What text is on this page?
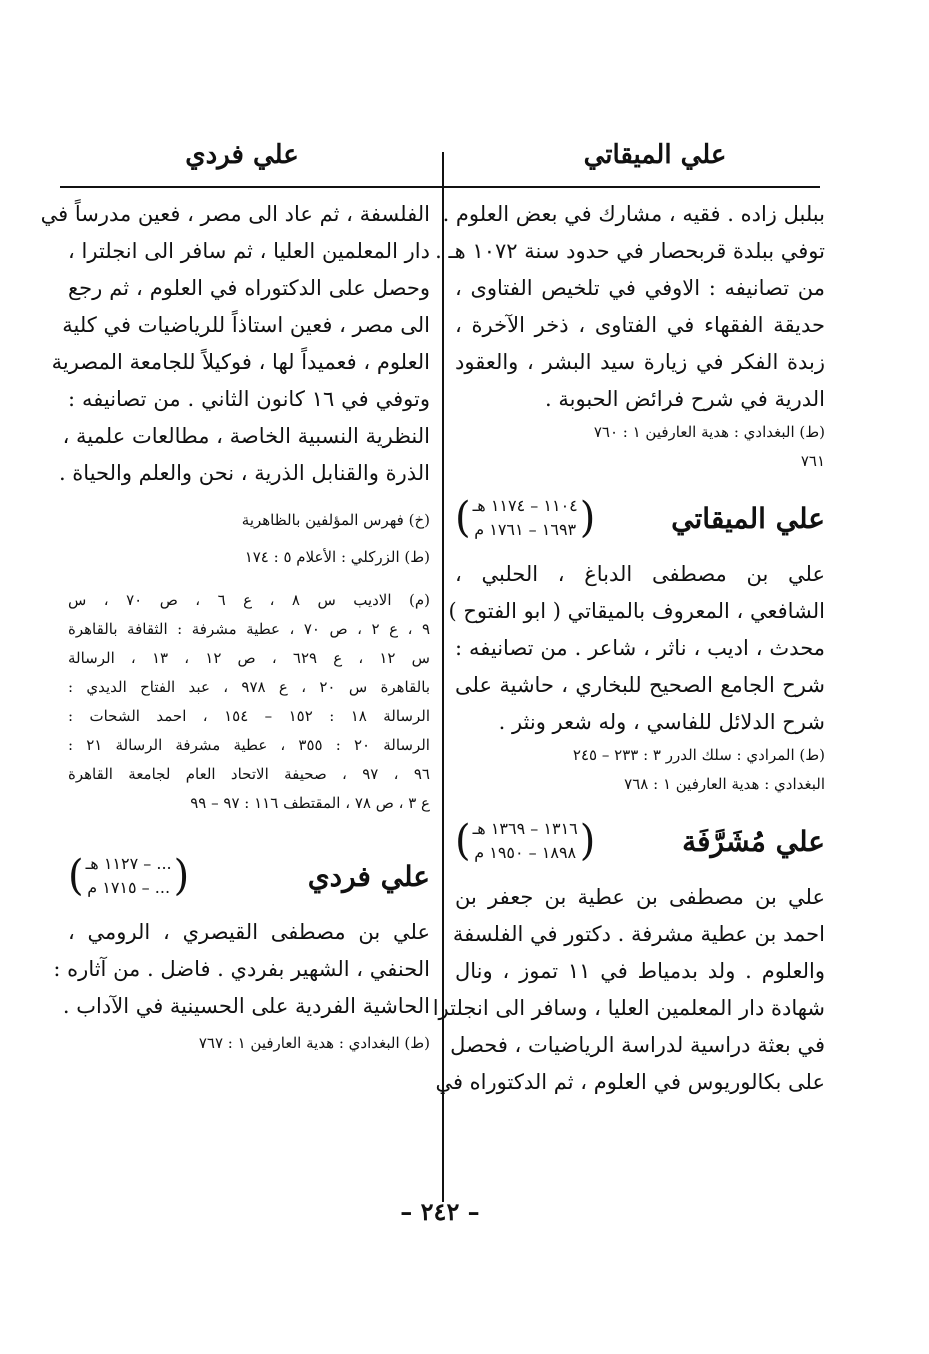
علي الميقاتي
علي فردي
ببلبل زاده . فقيه ، مشارك في بعض العلوم .
توفي ببلدة قربحصار في حدود سنة ١٠٧٢ هـ .
من تصانيفه : الاوفي في تلخيص الفتاوى ،
حديقة الفقهاء في الفتاوى ، ذخر الآخرة ،
زبدة الفكر في زيارة سيد البشر ، والعقود
الدرية في شرح فرائض الحبوبة .
(ط) البغدادي : هدية العارفين ١ : ٧٦٠
٧٦١
علي الميقاتي
(
١١٠٤ – ١١٧٤ هـ
١٦٩٣ – ١٧٦١ م
)
علي بن مصطفى الدباغ ، الحلبي ،
الشافعي ، المعروف بالميقاتي ( ابو الفتوح )
محدث ، اديب ، ناثر ، شاعر . من تصانيفه :
شرح الجامع الصحيح للبخاري ، حاشية على
شرح الدلائل للفاسي ، وله شعر ونثر .
(ط) المرادي : سلك الدرر ٣ : ٢٣٣ – ٢٤٥
البغدادي : هدية العارفين ١ : ٧٦٨
علي مُشَرَّفَة
(
١٣١٦ – ١٣٦٩ هـ
١٨٩٨ – ١٩٥٠ م
)
علي بن مصطفى بن عطية بن جعفر بن
احمد بن عطية مشرفة . دكتور في الفلسفة
والعلوم . ولد بدمياط في ١١ تموز ، ونال
شهادة دار المعلمين العليا ، وسافر الى انجلترا
في بعثة دراسية لدراسة الرياضيات ، فحصل
على بكالوريوس في العلوم ، ثم الدكتوراه في
الفلسفة ، ثم عاد الى مصر ، فعين مدرساً في
دار المعلمين العليا ، ثم سافر الى انجلترا ،
وحصل على الدكتوراه في العلوم ، ثم رجع
الى مصر ، فعين استاذاً للرياضيات في كلية
العلوم ، فعميداً لها ، فوكيلاً للجامعة المصرية
وتوفي في ١٦ كانون الثاني . من تصانيفه :
النظرية النسبية الخاصة ، مطالعات علمية ،
الذرة والقنابل الذرية ، نحن والعلم والحياة .
(خ) فهرس المؤلفين بالظاهرية
(ط) الزركلي : الأعلام ٥ : ١٧٤
(م) الاديب س ٨ ، ع ٦ ، ص ٧٠ ، س
٩ ، ع ٢ ، ص ٧٠ ، عطية مشرفة : الثقافة بالقاهرة
س ١٢ ، ع ٦٢٩ ، ص ١٢ ، ١٣ ، الرسالة
بالقاهرة س ٢٠ ، ع ٩٧٨ ، عبد الفتاح الديدي :
الرسالة ١٨ : ١٥٢ – ١٥٤ ، احمد الشحات :
الرسالة ٢٠ : ٣٥٥ ، عطية مشرفة الرسالة ٢١ :
٩٦ ، ٩٧ ، صحيفة الاتحاد العام لجامعة القاهرة
ع ٣ ، ص ٧٨ ، المقتطف ١١٦ : ٩٧ – ٩٩
علي فردي
(
... – ١١٢٧ هـ
... – ١٧١٥ م
)
علي بن مصطفى القيصري ، الرومي ،
الحنفي ، الشهير بفردي . فاضل . من آثاره :
الحاشية الفردية على الحسينية في الآداب .
(ط) البغدادي : هدية العارفين ١ : ٧٦٧
– ٢٤٢ –
